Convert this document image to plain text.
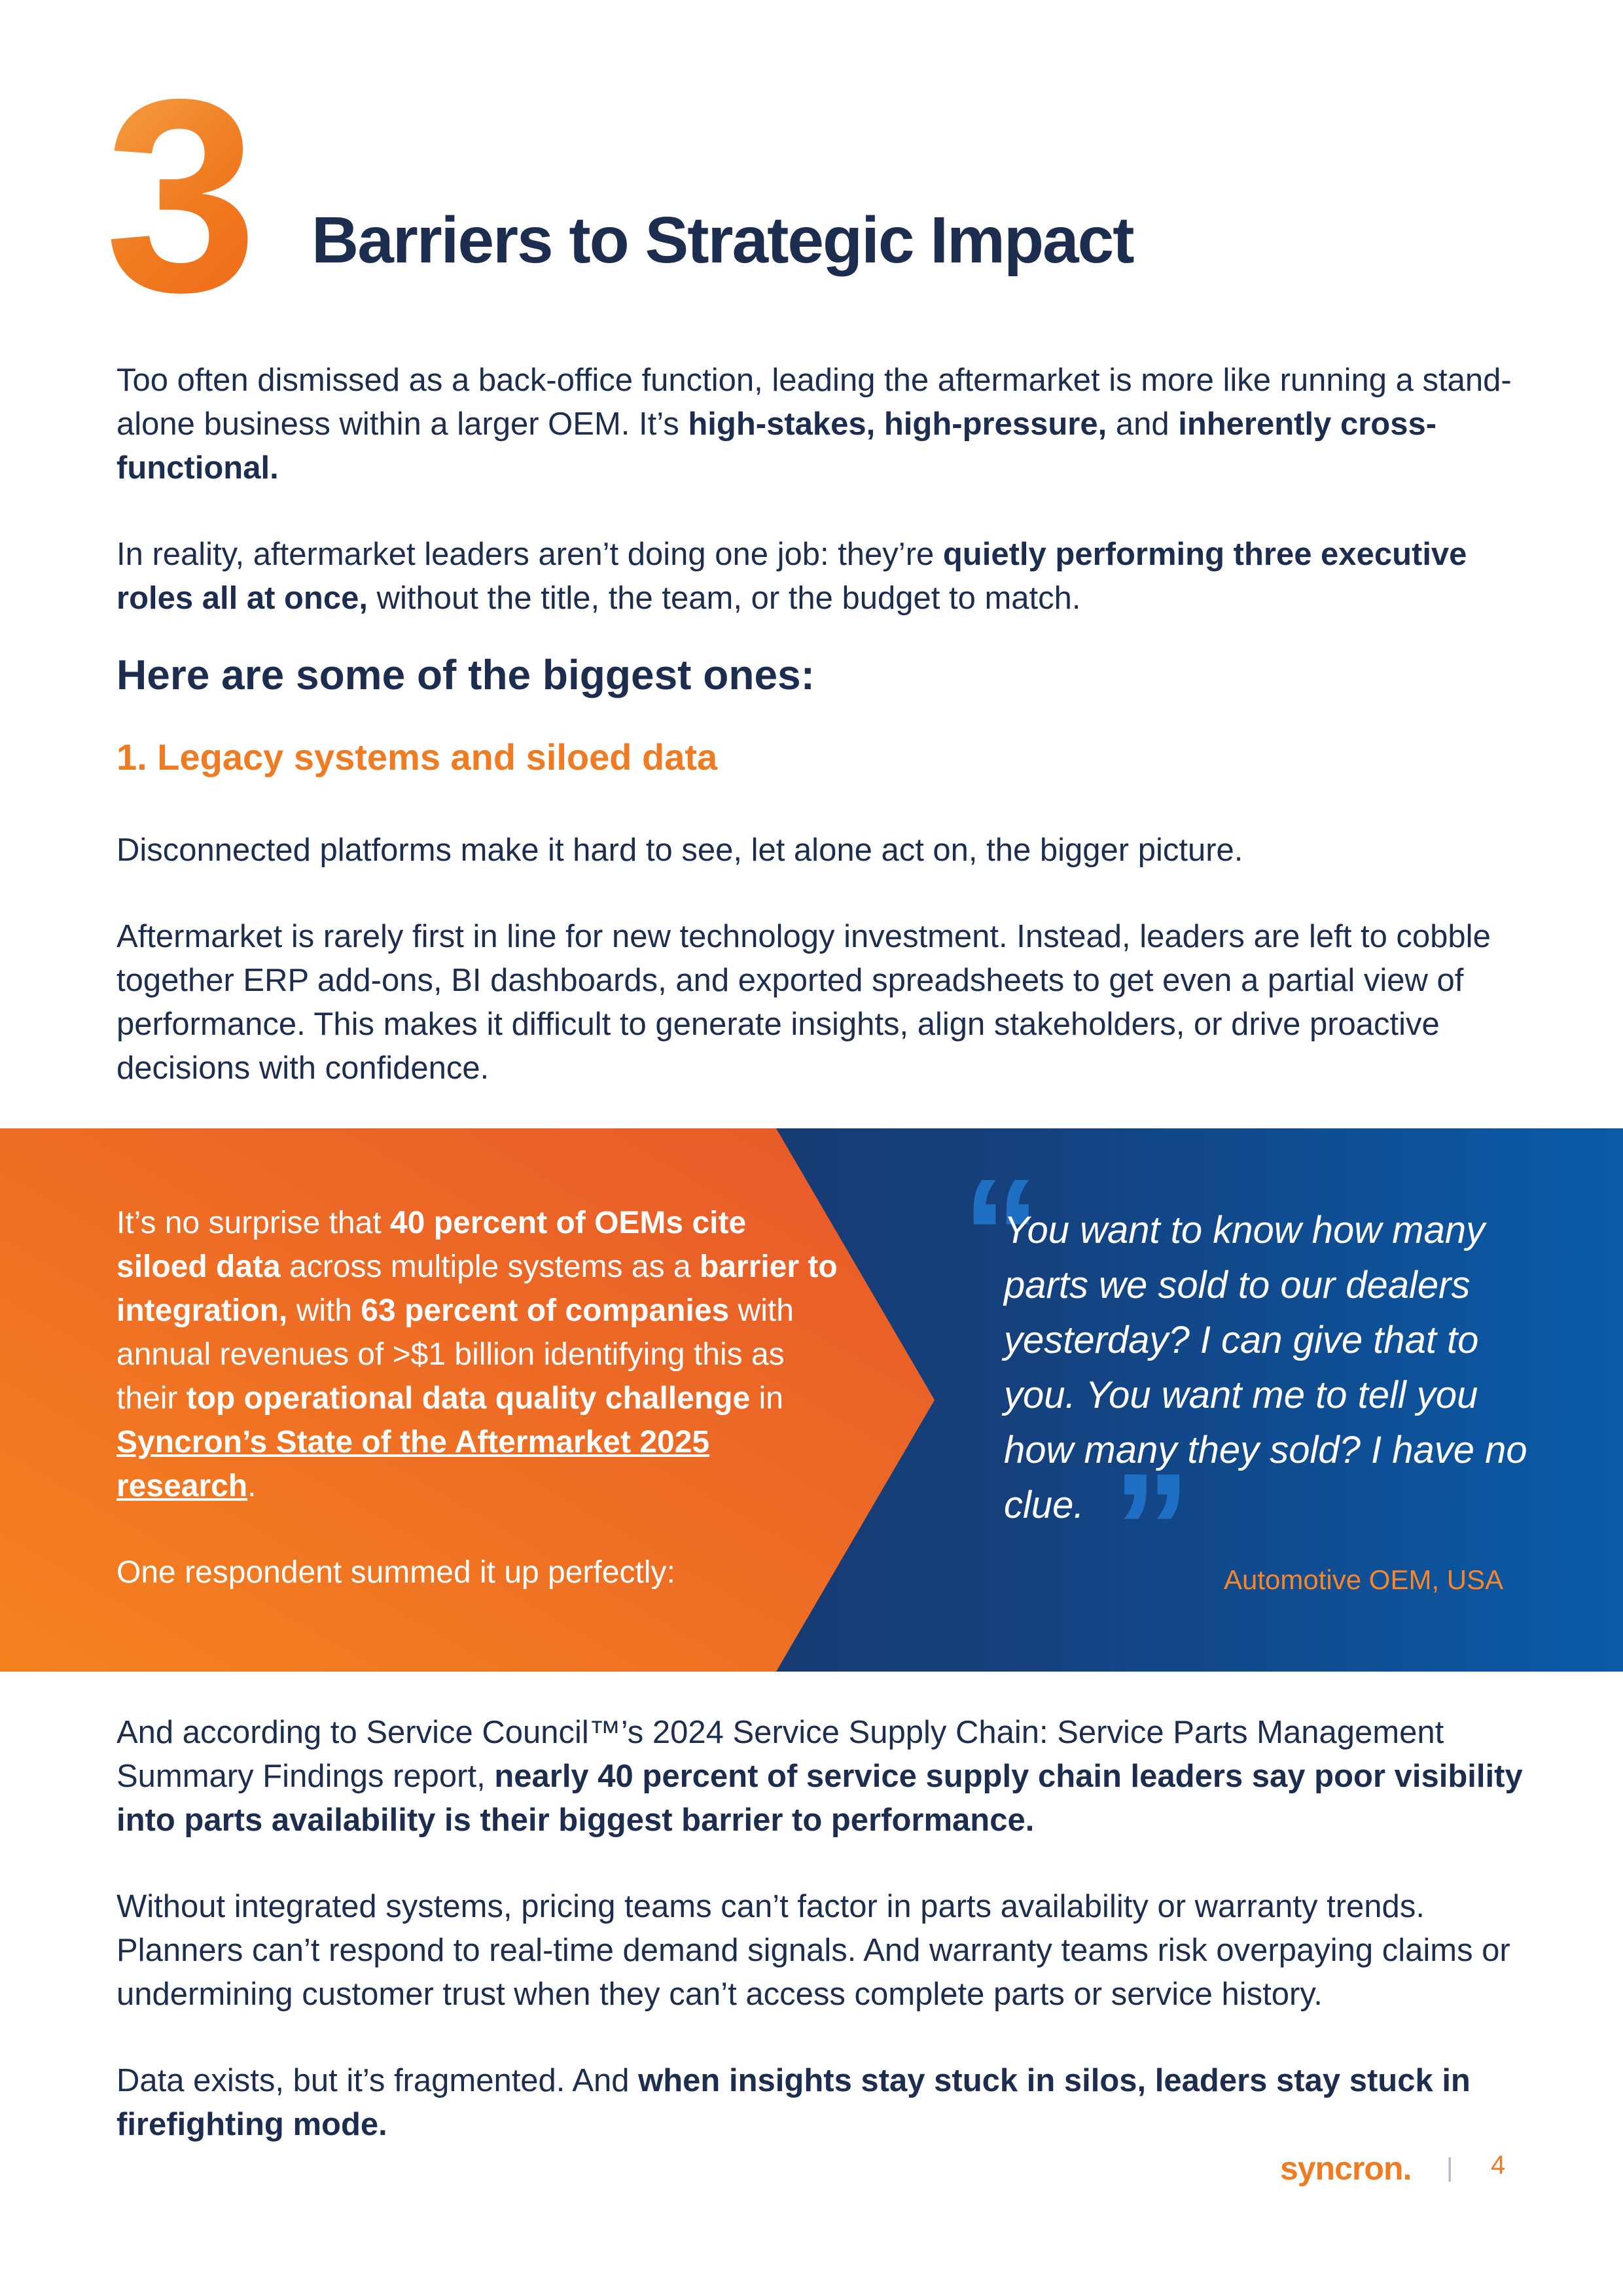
3 Barriers to Strategic Impact
Too often dismissed as a back-office function, leading the aftermarket is more like running a stand-alone business within a larger OEM. It’s high-stakes, high-pressure, and inherently cross-functional.
In reality, aftermarket leaders aren’t doing one job: they’re quietly performing three executive roles all at once, without the title, the team, or the budget to match.
Here are some of the biggest ones:
1. Legacy systems and siloed data
Disconnected platforms make it hard to see, let alone act on, the bigger picture.
Aftermarket is rarely first in line for new technology investment. Instead, leaders are left to cobble together ERP add-ons, BI dashboards, and exported spreadsheets to get even a partial view of performance. This makes it difficult to generate insights, align stakeholders, or drive proactive decisions with confidence.
It’s no surprise that 40 percent of OEMs cite siloed data across multiple systems as a barrier to integration, with 63 percent of companies with annual revenues of >$1 billion identifying this as their top operational data quality challenge in Syncron’s State of the Aftermarket 2025 research.
One respondent summed it up perfectly:
“
You want to know how many parts we sold to our dealers yesterday? I can give that to you. You want me to tell you how many they sold? I have no clue. ” Automotive OEM, USA
And according to Service Council™’s 2024 Service Supply Chain: Service Parts Management Summary Findings report, nearly 40 percent of service supply chain leaders say poor visibility into parts availability is their biggest barrier to performance.
Without integrated systems, pricing teams can’t factor in parts availability or warranty trends. Planners can’t respond to real-time demand signals. And warranty teams risk overpaying claims or undermining customer trust when they can’t access complete parts or service history.
Data exists, but it’s fragmented. And when insights stay stuck in silos, leaders stay stuck in firefighting mode.
syncron. | 4
